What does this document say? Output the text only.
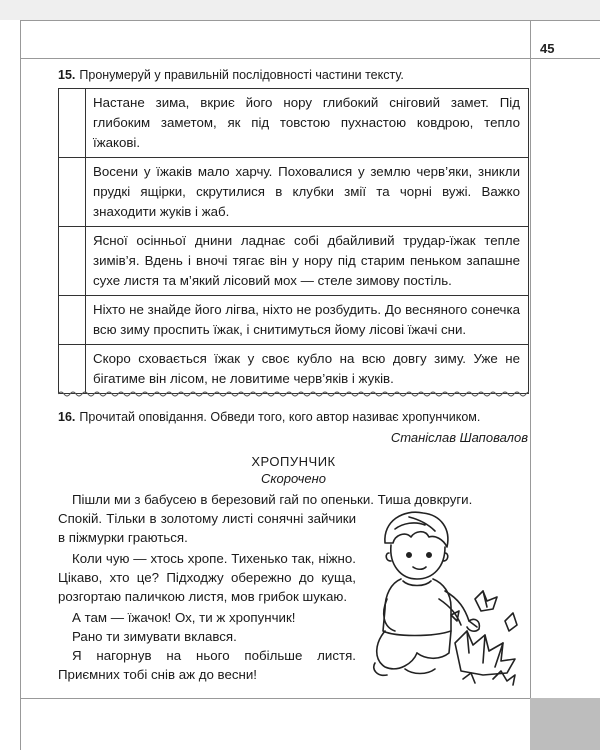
45
15. Пронумеруй у правильній послідовності частини тексту.
	Настане зима, вкриє його нору глибокий сніговий замет. Під глибоким заметом, як під товстою пухнастою ковдрою, тепло їжакові.
	Восени у їжаків мало харчу. Поховалися у землю черв’яки, зникли прудкі ящірки, скрутилися в клубки змії та чорні вужі. Важко знаходити жуків і жаб.
	Ясної осінньої днини ладнає собі дбайливий трудар-їжак тепле зимів’я. Вдень і вночі тягає він у нору під старим пеньком запашне сухе листя та м’який лісовий мох — стеле зимову постіль.
	Ніхто не знайде його лігва, ніхто не розбудить. До весняного сонечка всю зиму проспить їжак, і снитимуться йому лісові їжачі сни.
	Скоро сховається їжак у своє кубло на всю довгу зиму. Уже не бігатиме він лісом, не ловитиме черв’яків і жуків.
16. Прочитай оповідання. Обведи того, кого автор називає хропунчиком.
Станіслав Шаповалов
ХРОПУНЧИК
Скорочено

Пішли ми з бабусею в березовий гай по опеньки. Тиша довкруги.

Спокій. Тільки в золотому листі сонячні зайчики в піжмурки граються.

Коли чую — хтось хропе. Тихенько так, ніжно. Цікаво, хто це? Підходжу обережно до куща, розгортаю паличкою листя, мов грибок шукаю.

А там — їжачок! Ох, ти ж хропунчик!

Рано ти зимувати вклався.

Я нагорнув на нього побільше листя. Приємних тобі снів аж до весни!
